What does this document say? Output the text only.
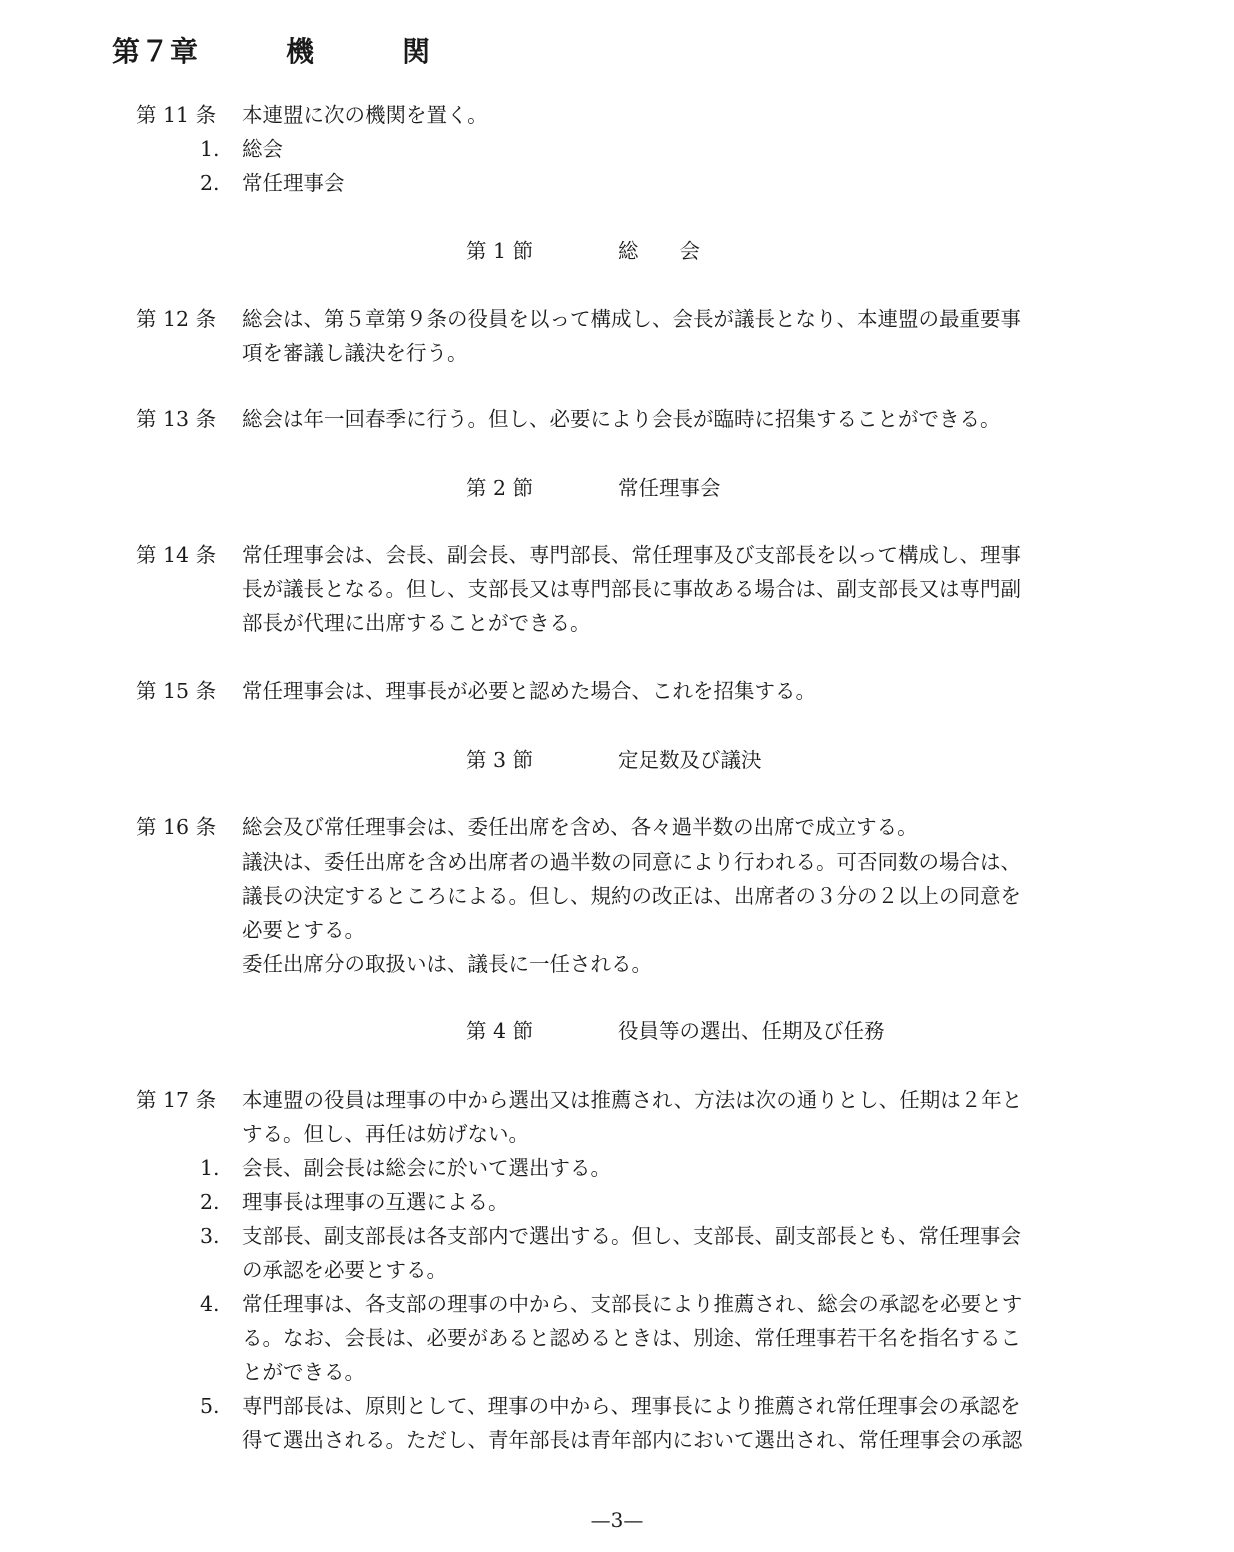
第７章　　　機　　　関
第 11 条 本連盟に次の機関を置く。
1. 総会
2. 常任理事会
第 1 節	総　　会
第 12 条 総会は、第５章第９条の役員を以って構成し、会長が議長となり、本連盟の最重要事
項を審議し議決を行う。
第 13 条 総会は年一回春季に行う。但し、必要により会長が臨時に招集することができる。
第 2 節	常任理事会
第 14 条 常任理事会は、会長、副会長、専門部長、常任理事及び支部長を以って構成し、理事
長が議長となる。但し、支部長又は専門部長に事故ある場合は、副支部長又は専門副
部長が代理に出席することができる。
第 15 条 常任理事会は、理事長が必要と認めた場合、これを招集する。
第 3 節	定足数及び議決
第 16 条 総会及び常任理事会は、委任出席を含め、各々過半数の出席で成立する。
議決は、委任出席を含め出席者の過半数の同意により行われる。可否同数の場合は、
議長の決定するところによる。但し、規約の改正は、出席者の３分の２以上の同意を
必要とする。
委任出席分の取扱いは、議長に一任される。
第 4 節	役員等の選出、任期及び任務
第 17 条 本連盟の役員は理事の中から選出又は推薦され、方法は次の通りとし、任期は２年と
する。但し、再任は妨げない。
1. 会長、副会長は総会に於いて選出する。
2. 理事長は理事の互選による。
3. 支部長、副支部長は各支部内で選出する。但し、支部長、副支部長とも、常任理事会
の承認を必要とする。
4. 常任理事は、各支部の理事の中から、支部長により推薦され、総会の承認を必要とす
る。なお、会長は、必要があると認めるときは、別途、常任理事若干名を指名するこ
とができる。
5. 専門部長は、原則として、理事の中から、理事長により推薦され常任理事会の承認を
得て選出される。ただし、青年部長は青年部内において選出され、常任理事会の承認
—3—
